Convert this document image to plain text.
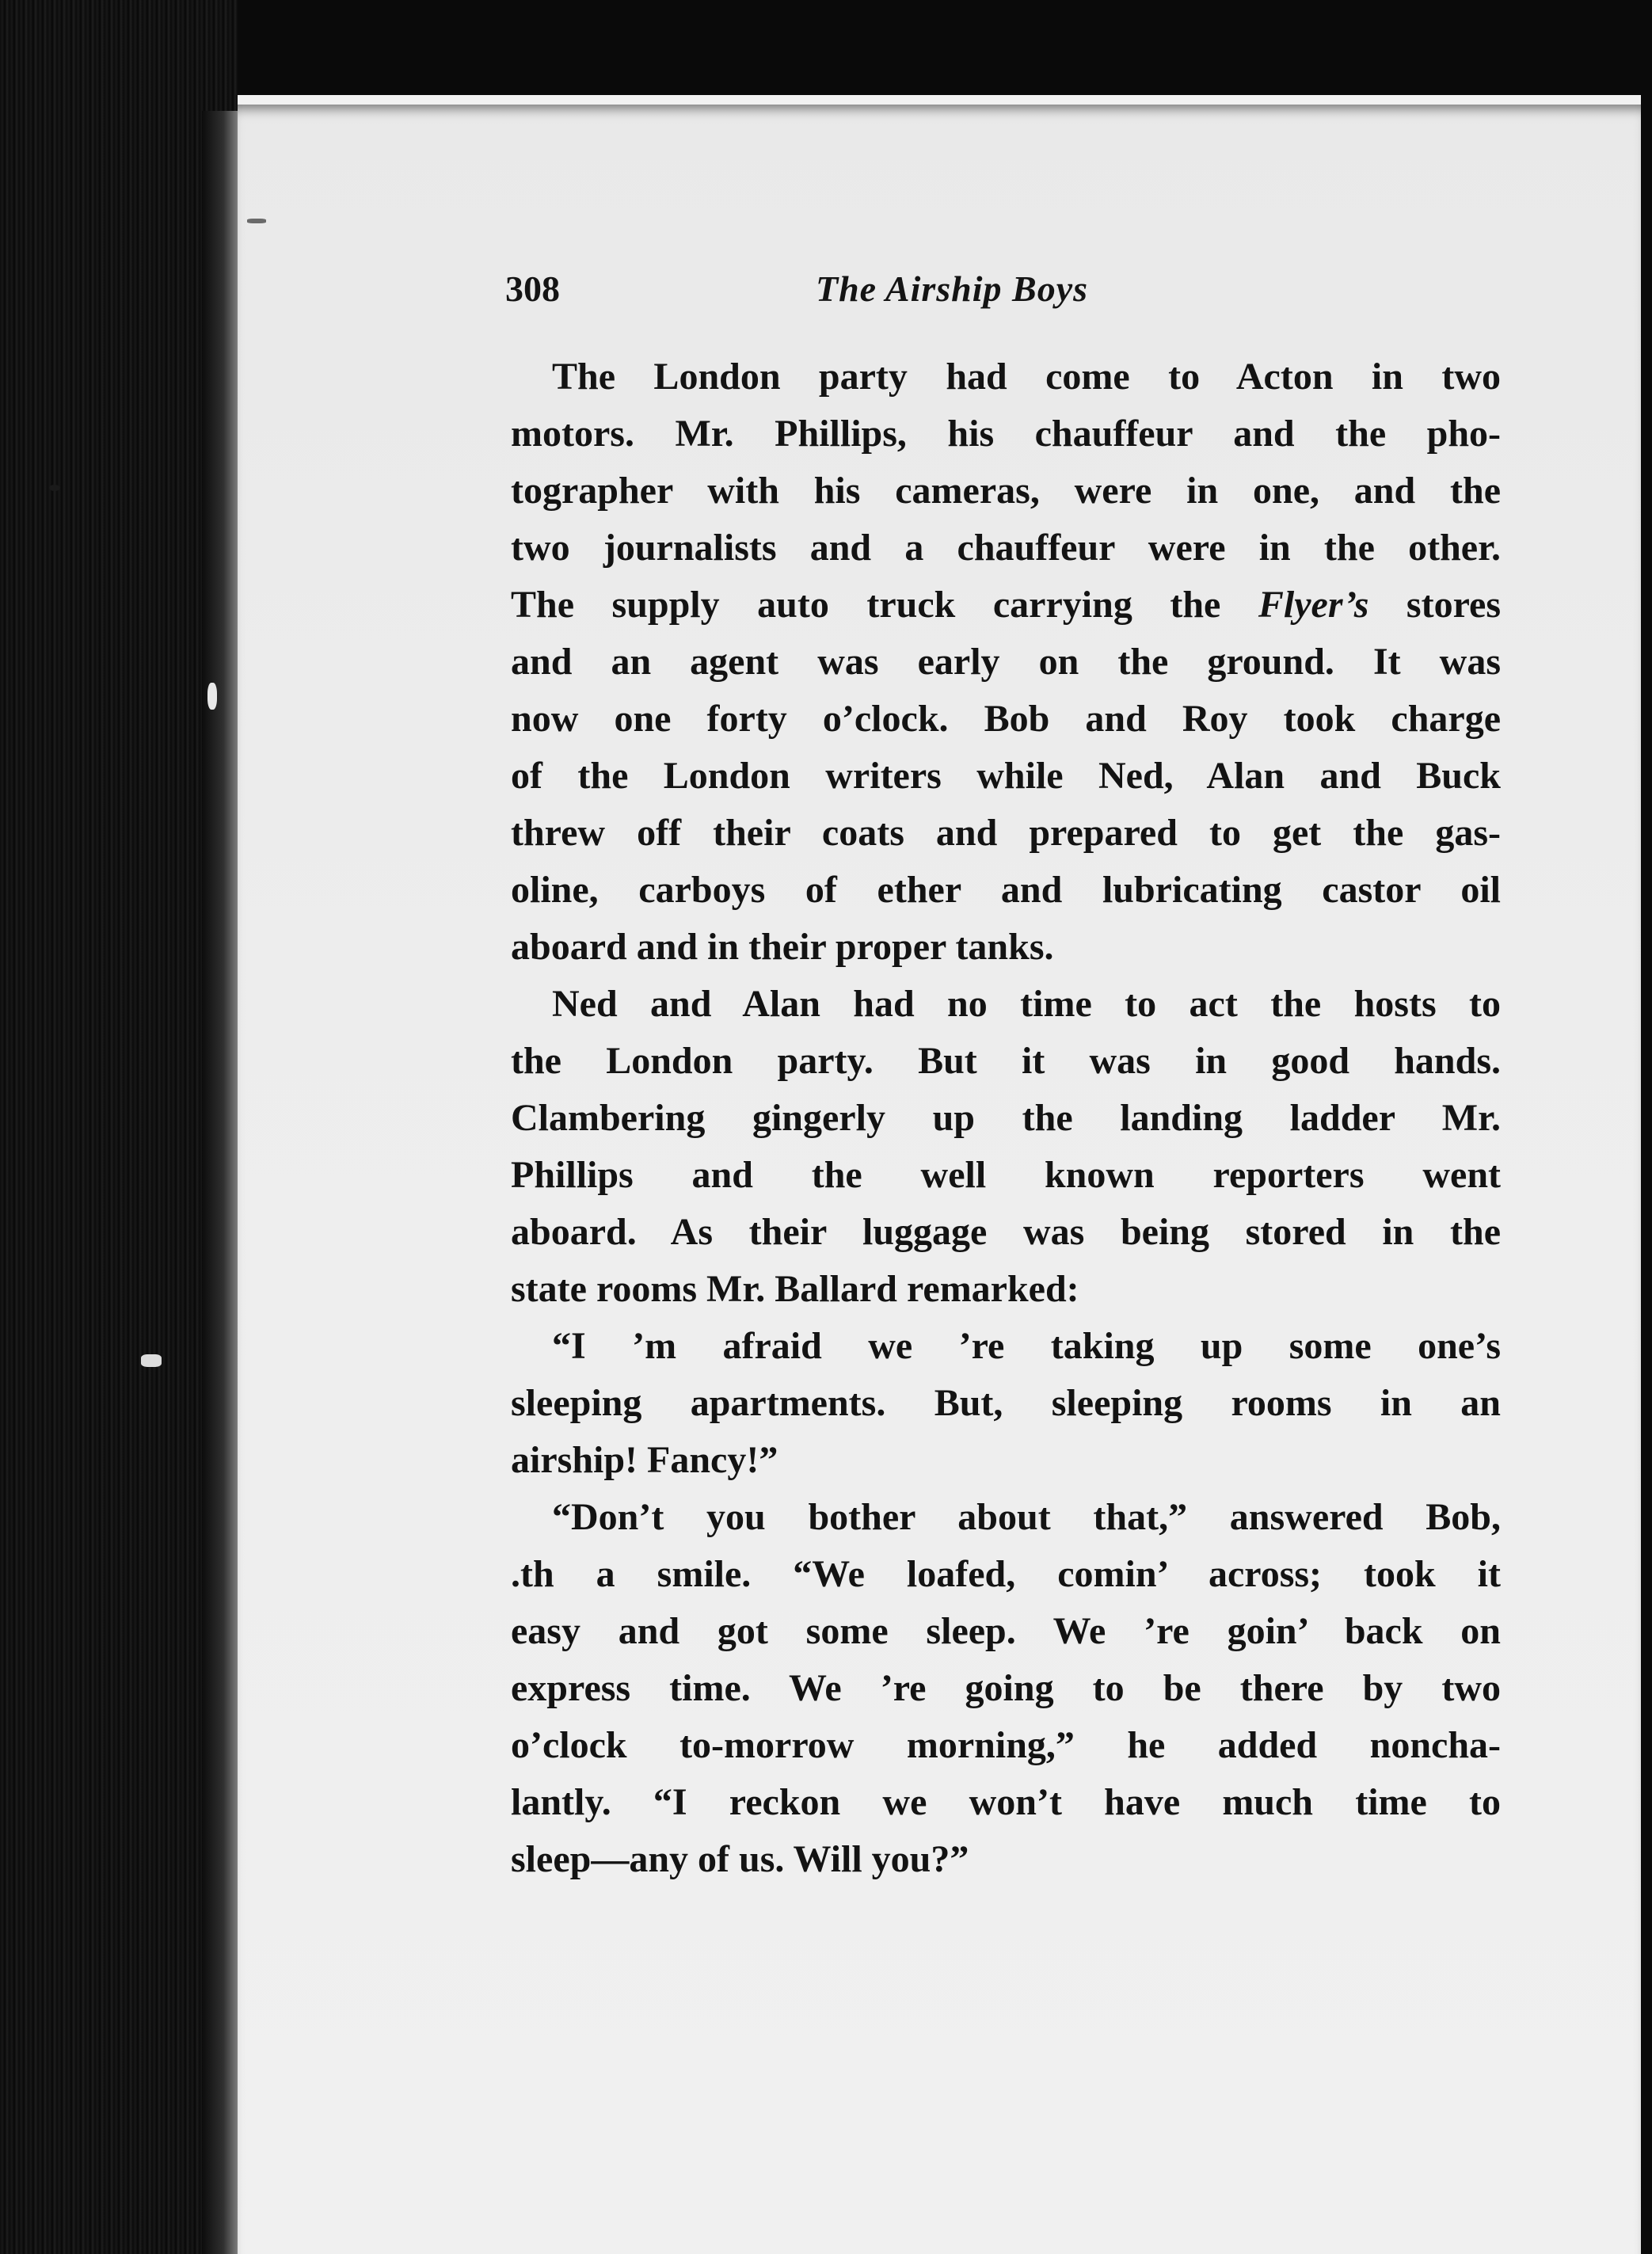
308	The Airship Boys
The London party had come to Acton in two
motors. Mr. Phillips, his chauffeur and the pho-
tographer with his cameras, were in one, and the
two journalists and a chauffeur were in the other.
The supply auto truck carrying the Flyer’s stores
and an agent was early on the ground. It was
now one forty o’clock. Bob and Roy took charge
of the London writers while Ned, Alan and Buck
threw off their coats and prepared to get the gas-
oline, carboys of ether and lubricating castor oil
aboard and in their proper tanks.
Ned and Alan had no time to act the hosts to
the London party. But it was in good hands.
Clambering gingerly up the landing ladder Mr.
Phillips and the well known reporters went
aboard. As their luggage was being stored in the
state rooms Mr. Ballard remarked:
“I ’m afraid we ’re taking up some one’s
sleeping apartments. But, sleeping rooms in an
airship! Fancy!”
“Don’t you bother about that,” answered Bob,
.th a smile. “We loafed, comin’ across; took it
easy and got some sleep. We ’re goin’ back on
express time. We ’re going to be there by two
o’clock to-morrow morning,” he added noncha-
lantly. “I reckon we won’t have much time to
sleep—any of us. Will you?”
